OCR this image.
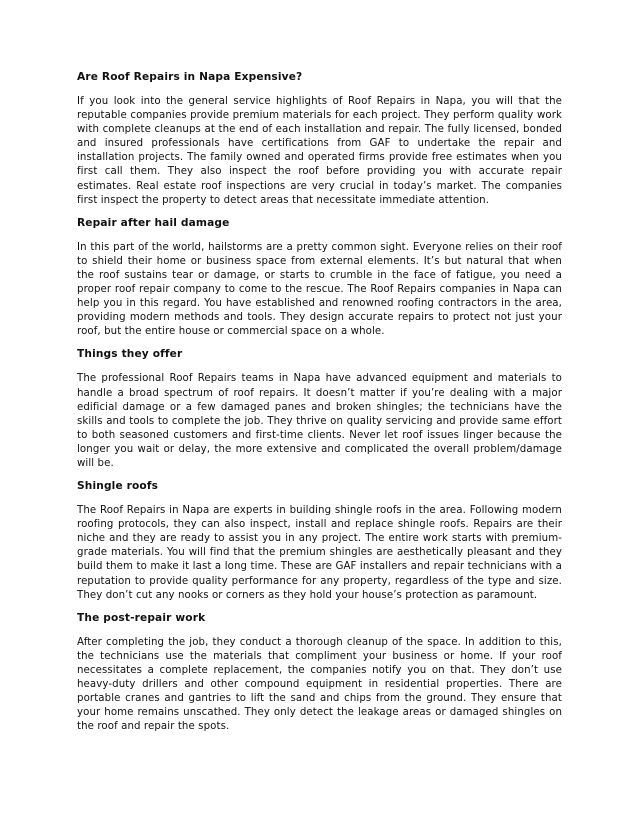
Are Roof Repairs in Napa Expensive?
If you look into the general service highlights of Roof Repairs in Napa, you will that the reputable companies provide premium materials for each project. They perform quality work with complete cleanups at the end of each installation and repair. The fully licensed, bonded and insured professionals have certifications from GAF to undertake the repair and installation projects. The family owned and operated firms provide free estimates when you first call them. They also inspect the roof before providing you with accurate repair estimates. Real estate roof inspections are very crucial in today’s market. The companies first inspect the property to detect areas that necessitate immediate attention.
Repair after hail damage
In this part of the world, hailstorms are a pretty common sight. Everyone relies on their roof to shield their home or business space from external elements. It’s but natural that when the roof sustains tear or damage, or starts to crumble in the face of fatigue, you need a proper roof repair company to come to the rescue. The Roof Repairs companies in Napa can help you in this regard. You have established and renowned roofing contractors in the area, providing modern methods and tools. They design accurate repairs to protect not just your roof, but the entire house or commercial space on a whole.
Things they offer
The professional Roof Repairs teams in Napa have advanced equipment and materials to handle a broad spectrum of roof repairs. It doesn’t matter if you’re dealing with a major edificial damage or a few damaged panes and broken shingles; the technicians have the skills and tools to complete the job. They thrive on quality servicing and provide same effort to both seasoned customers and first-time clients. Never let roof issues linger because the longer you wait or delay, the more extensive and complicated the overall problem/damage will be.
Shingle roofs
The Roof Repairs in Napa are experts in building shingle roofs in the area. Following modern roofing protocols, they can also inspect, install and replace shingle roofs. Repairs are their niche and they are ready to assist you in any project. The entire work starts with premium-grade materials. You will find that the premium shingles are aesthetically pleasant and they build them to make it last a long time. These are GAF installers and repair technicians with a reputation to provide quality performance for any property, regardless of the type and size. They don’t cut any nooks or corners as they hold your house’s protection as paramount.
The post-repair work
After completing the job, they conduct a thorough cleanup of the space. In addition to this, the technicians use the materials that compliment your business or home. If your roof necessitates a complete replacement, the companies notify you on that. They don’t use heavy-duty drillers and other compound equipment in residential properties. There are portable cranes and gantries to lift the sand and chips from the ground. They ensure that your home remains unscathed. They only detect the leakage areas or damaged shingles on the roof and repair the spots.
